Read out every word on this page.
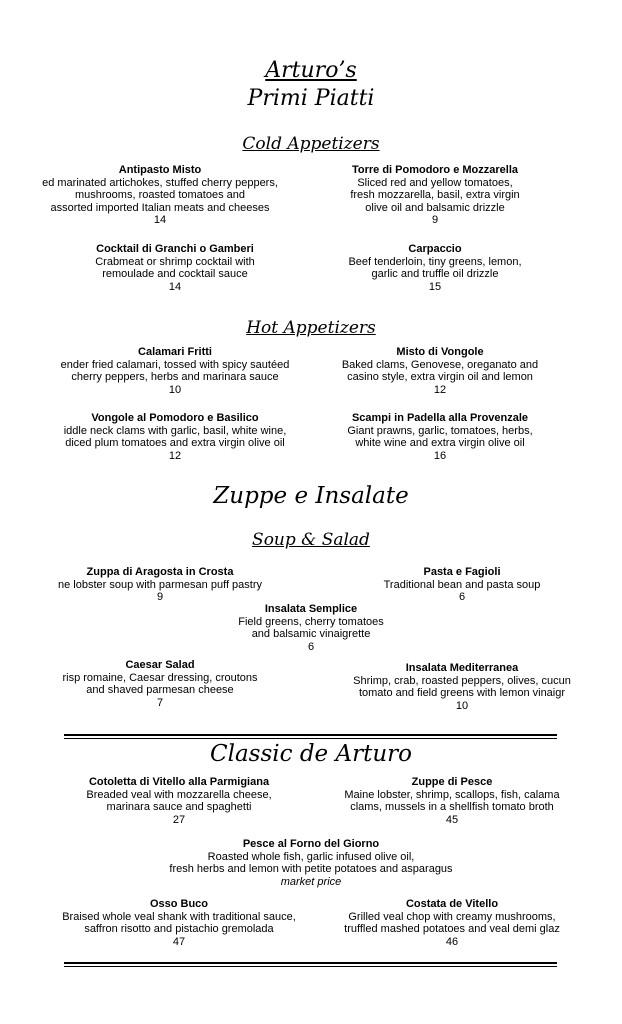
Arturo’s
Primi Piatti
Cold Appetizers
Antipasto Misto
ed marinated artichokes, stuffed cherry peppers,
mushrooms, roasted tomatoes and
assorted imported Italian meats and cheeses
14
Torre di Pomodoro e Mozzarella
Sliced red and yellow tomatoes,
fresh mozzarella, basil, extra virgin
olive oil and balsamic drizzle
9
Cocktail di Granchi o Gamberi
Crabmeat or shrimp cocktail with
remoulade and cocktail sauce
14
Carpaccio
Beef tenderloin, tiny greens, lemon,
garlic and truffle oil drizzle
15
Hot Appetizers
Calamari Fritti
ender fried calamari, tossed with spicy sautéed
cherry peppers, herbs and marinara sauce
10
Misto di Vongole
Baked clams, Genovese, oreganato and
casino style, extra virgin oil and lemon
12
Vongole al Pomodoro e Basilico
iddle neck clams with garlic, basil, white wine,
diced plum tomatoes and extra virgin olive oil
12
Scampi in Padella alla Provenzale
Giant prawns, garlic, tomatoes, herbs,
white wine and extra virgin olive oil
16
Zuppe e Insalate
Soup & Salad
Zuppa di Aragosta in Crosta
ne lobster soup with parmesan puff pastry
9
Pasta e Fagioli
Traditional bean and pasta soup
6
Insalata Semplice
Field greens, cherry tomatoes
and balsamic vinaigrette
6
Caesar Salad
risp romaine, Caesar dressing, croutons
and shaved parmesan cheese
7
Insalata Mediterranea
Shrimp, crab, roasted peppers, olives, cucun
tomato and field greens with lemon vinaigr
10
Classic de Arturo
Cotoletta di Vitello alla Parmigiana
Breaded veal with mozzarella cheese,
marinara sauce and spaghetti
27
Zuppe di Pesce
Maine lobster, shrimp, scallops, fish, calama
clams, mussels in a shellfish tomato broth
45
Pesce al Forno del Giorno
Roasted whole fish, garlic infused olive oil,
fresh herbs and lemon with petite potatoes and asparagus
market price
Osso Buco
Braised whole veal shank with traditional sauce,
saffron risotto and pistachio gremolada
47
Costata de Vitello
Grilled veal chop with creamy mushrooms,
truffled mashed potatoes and veal demi glaz
46
